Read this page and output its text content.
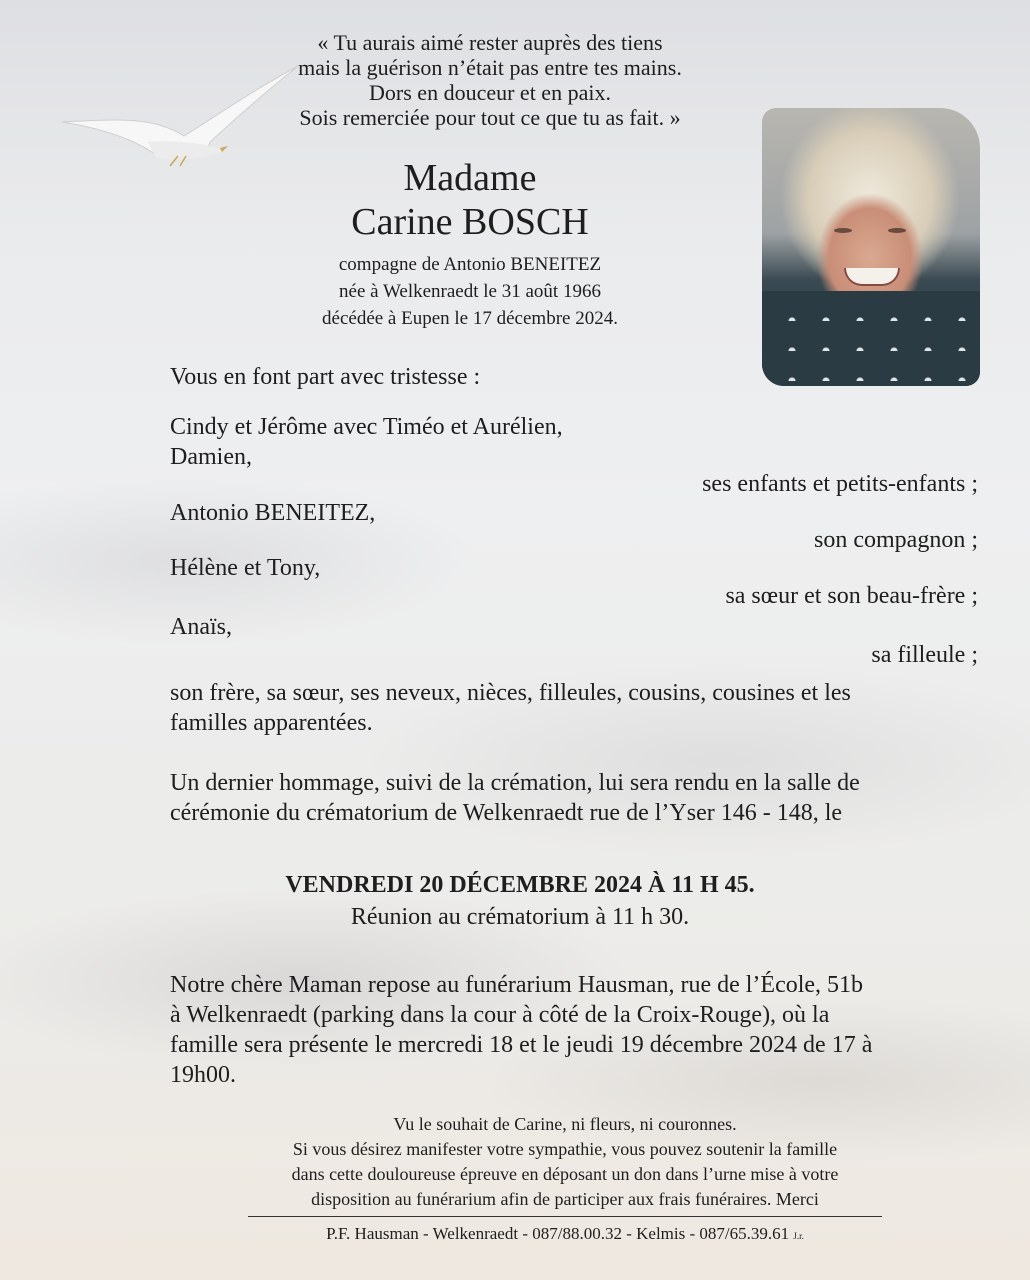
« Tu aurais aimé rester auprès des tiens
mais la guérison n’était pas entre tes mains.
Dors en douceur et en paix.
Sois remerciée pour tout ce que tu as fait. »
Madame
Carine BOSCH
compagne de Antonio BENEITEZ
née à Welkenraedt le 31 août 1966
décédée à Eupen le 17 décembre 2024.
Vous en font part avec tristesse :
Cindy et Jérôme avec Timéo et Aurélien,
Damien,
ses enfants et petits-enfants ;
Antonio BENEITEZ,
son compagnon ;
Hélène et Tony,
sa sœur et son beau-frère ;
Anaïs,
sa filleule ;
son frère, sa sœur, ses neveux, nièces, filleules, cousins, cousines et les
familles apparentées.
Un dernier hommage, suivi de la crémation, lui sera rendu en la salle de
cérémonie du crématorium de Welkenraedt rue de l’Yser 146 - 148, le
VENDREDI 20 DÉCEMBRE 2024 À 11 H 45.
Réunion au crématorium à 11 h 30.
Notre chère Maman repose au funérarium Hausman, rue de l’École, 51b
à Welkenraedt (parking dans la cour à côté de la Croix-Rouge), où la
famille sera présente le mercredi 18 et le jeudi 19 décembre 2024 de 17 à
19h00.
Vu le souhait de Carine, ni fleurs, ni couronnes.
Si vous désirez manifester votre sympathie, vous pouvez soutenir la famille
dans cette douloureuse épreuve en déposant un don dans l’urne mise à votre
disposition au funérarium afin de participer aux frais funéraires. Merci
P.F. Hausman - Welkenraedt - 087/88.00.32 - Kelmis - 087/65.39.61 J.r.
